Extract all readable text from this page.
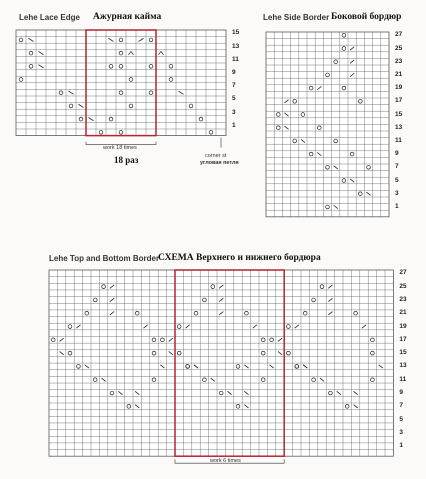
Lehe Lace Edge Ажурная кайма
15
13
11
9
7
5
3
1
work 18 times
18 раз	corner st
угловая петля
Lehe Side Border Боковой бордюр
27
25
23
21
19
17
15
13
11
9
7
5
3
1
Lehe Top and Bottom Border
СХЕМА Верхнего и нижнего бордюра
27
25
23
21
19
17
15
13
11
9
7
5
3
1
work 6 times
